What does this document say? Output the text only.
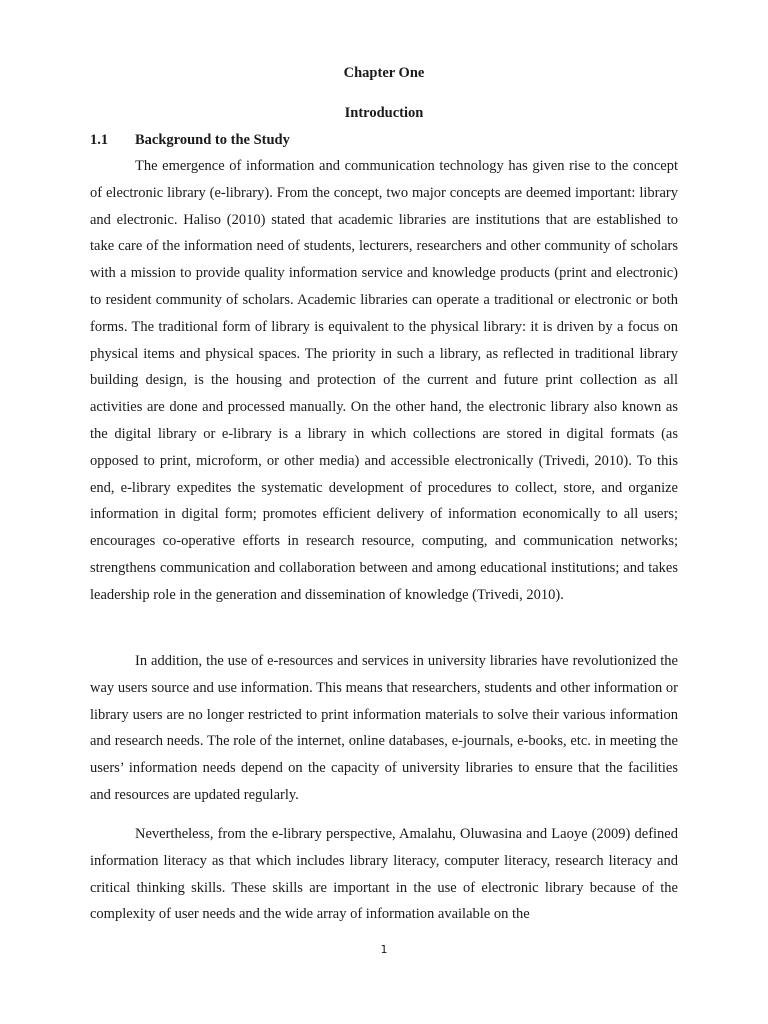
Chapter One
Introduction
1.1 Background to the Study

The emergence of information and communication technology has given rise to the concept of electronic library (e-library). From the concept, two major concepts are deemed important: library and electronic. Haliso (2010) stated that academic libraries are institutions that are established to take care of the information need of students, lecturers, researchers and other community of scholars with a mission to provide quality information service and knowledge products (print and electronic) to resident community of scholars. Academic libraries can operate a traditional or electronic or both forms. The traditional form of library is equivalent to the physical library: it is driven by a focus on physical items and physical spaces. The priority in such a library, as reflected in traditional library building design, is the housing and protection of the current and future print collection as all activities are done and processed manually. On the other hand, the electronic library also known as the digital library or e-library is a library in which collections are stored in digital formats (as opposed to print, microform, or other media) and accessible electronically (Trivedi, 2010). To this end, e-library expedites the systematic development of procedures to collect, store, and organize information in digital form; promotes efficient delivery of information economically to all users; encourages co-operative efforts in research resource, computing, and communication networks; strengthens communication and collaboration between and among educational institutions; and takes leadership role in the generation and dissemination of knowledge (Trivedi, 2010).

In addition, the use of e-resources and services in university libraries have revolutionized the way users source and use information. This means that researchers, students and other information or library users are no longer restricted to print information materials to solve their various information and research needs. The role of the internet, online databases, e-journals, e-books, etc. in meeting the users’ information needs depend on the capacity of university libraries to ensure that the facilities and resources are updated regularly.

Nevertheless, from the e-library perspective, Amalahu, Oluwasina and Laoye (2009) defined information literacy as that which includes library literacy, computer literacy, research literacy and critical thinking skills. These skills are important in the use of electronic library because of the complexity of user needs and the wide array of information available on the

1
